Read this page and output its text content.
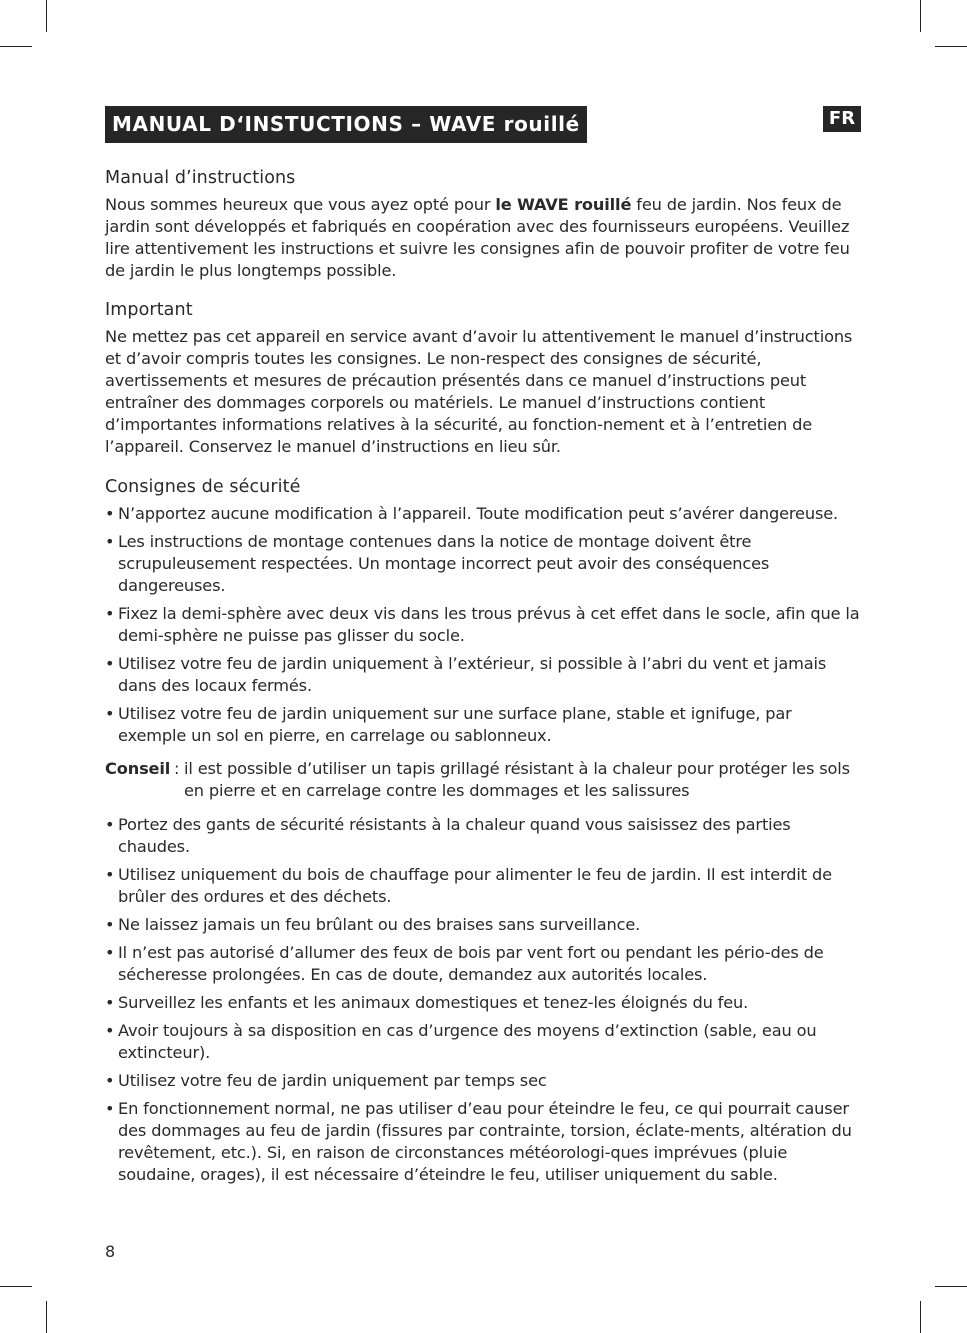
MANUAL D‘INSTUCTIONS – WAVE rouillé	FR
Manual d’instructions

Nous sommes heureux que vous ayez opté pour le WAVE rouillé feu de jardin. Nos feux de jardin sont développés et fabriqués en coopération avec des fournisseurs européens. Veuillez lire attentivement les instructions et suivre les consignes afin de pouvoir profiter de votre feu de jardin le plus longtemps possible.

Important

Ne mettez pas cet appareil en service avant d’avoir lu attentivement le manuel d’instructions et d’avoir compris toutes les consignes. Le non-respect des consignes de sécurité, avertissements et mesures de précaution présentés dans ce manuel d’instructions peut entraîner des dommages corporels ou matériels. Le manuel d’instructions contient d’importantes informations relatives à la sécurité, au fonction-nement et à l’entretien de l’appareil. Conservez le manuel d’instructions en lieu sûr.

Consignes de sécurité
• N’apportez aucune modification à l’appareil. Toute modification peut s’avérer dangereuse.
• Les instructions de montage contenues dans la notice de montage doivent être scrupuleusement respectées. Un montage incorrect peut avoir des conséquences dangereuses.
• Fixez la demi-sphère avec deux vis dans les trous prévus à cet effet dans le socle, afin que la demi-sphère ne puisse pas glisser du socle.
• Utilisez votre feu de jardin uniquement à l’extérieur, si possible à l’abri du vent et jamais dans des locaux fermés.
• Utilisez votre feu de jardin uniquement sur une surface plane, stable et ignifuge, par exemple un sol en pierre, en carrelage ou sablonneux.
Conseil : il est possible d’utiliser un tapis grillagé résistant à la chaleur pour protéger les sols en pierre et en carrelage contre les dommages et les salissures
• Portez des gants de sécurité résistants à la chaleur quand vous saisissez des parties chaudes.
• Utilisez uniquement du bois de chauffage pour alimenter le feu de jardin. Il est interdit de brûler des ordures et des déchets.
• Ne laissez jamais un feu brûlant ou des braises sans surveillance.
• Il n’est pas autorisé d’allumer des feux de bois par vent fort ou pendant les pério-des de sécheresse prolongées. En cas de doute, demandez aux autorités locales.
• Surveillez les enfants et les animaux domestiques et tenez-les éloignés du feu.
• Avoir toujours à sa disposition en cas d’urgence des moyens d’extinction (sable, eau ou extincteur).
• Utilisez votre feu de jardin uniquement par temps sec
• En fonctionnement normal, ne pas utiliser d’eau pour éteindre le feu, ce qui pourrait causer des dommages au feu de jardin (fissures par contrainte, torsion, éclate-ments, altération du revêtement, etc.). Si, en raison de circonstances météorologi-ques imprévues (pluie soudaine, orages), il est nécessaire d’éteindre le feu, utiliser uniquement du sable.
8
